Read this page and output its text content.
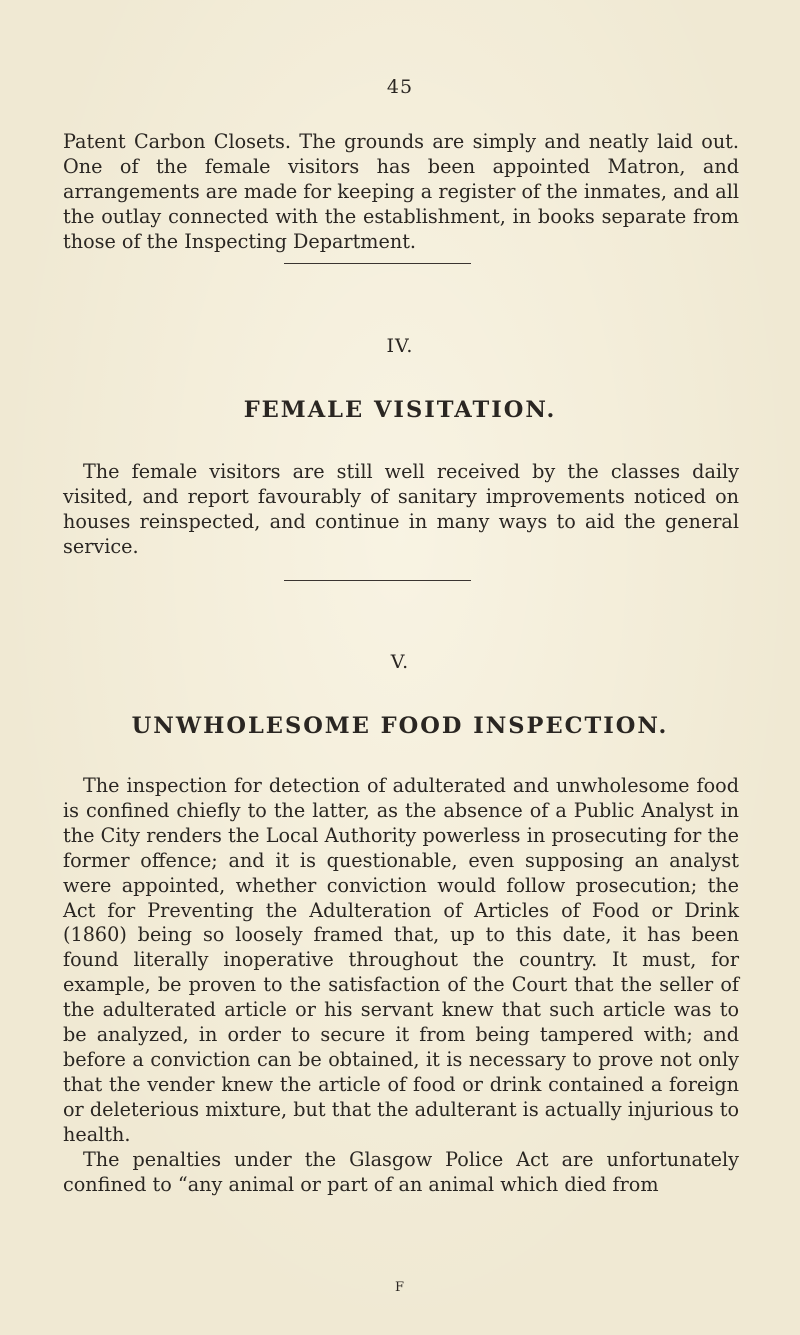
45

Patent Carbon Closets. The grounds are simply and neatly laid out. One of the female visitors has been appointed Matron, and arrangements are made for keeping a register of the inmates, and all the outlay connected with the establishment, in books separate from those of the Inspecting Department.

IV.
FEMALE VISITATION.

The female visitors are still well received by the classes daily visited, and report favourably of sanitary improvements noticed on houses reinspected, and continue in many ways to aid the general service.

V.
UNWHOLESOME FOOD INSPECTION.

The inspection for detection of adulterated and unwholesome food is confined chiefly to the latter, as the absence of a Public Analyst in the City renders the Local Authority powerless in prosecuting for the former offence; and it is questionable, even supposing an analyst were appointed, whether conviction would follow prosecution; the Act for Preventing the Adulteration of Articles of Food or Drink (1860) being so loosely framed that, up to this date, it has been found literally inoperative throughout the country. It must, for example, be proven to the satisfaction of the Court that the seller of the adulterated article or his servant knew that such article was to be analyzed, in order to secure it from being tampered with; and before a conviction can be obtained, it is necessary to prove not only that the vender knew the article of food or drink contained a foreign or deleterious mixture, but that the adulterant is actually injurious to health.

The penalties under the Glasgow Police Act are unfortunately confined to “any animal or part of an animal which died from

F
